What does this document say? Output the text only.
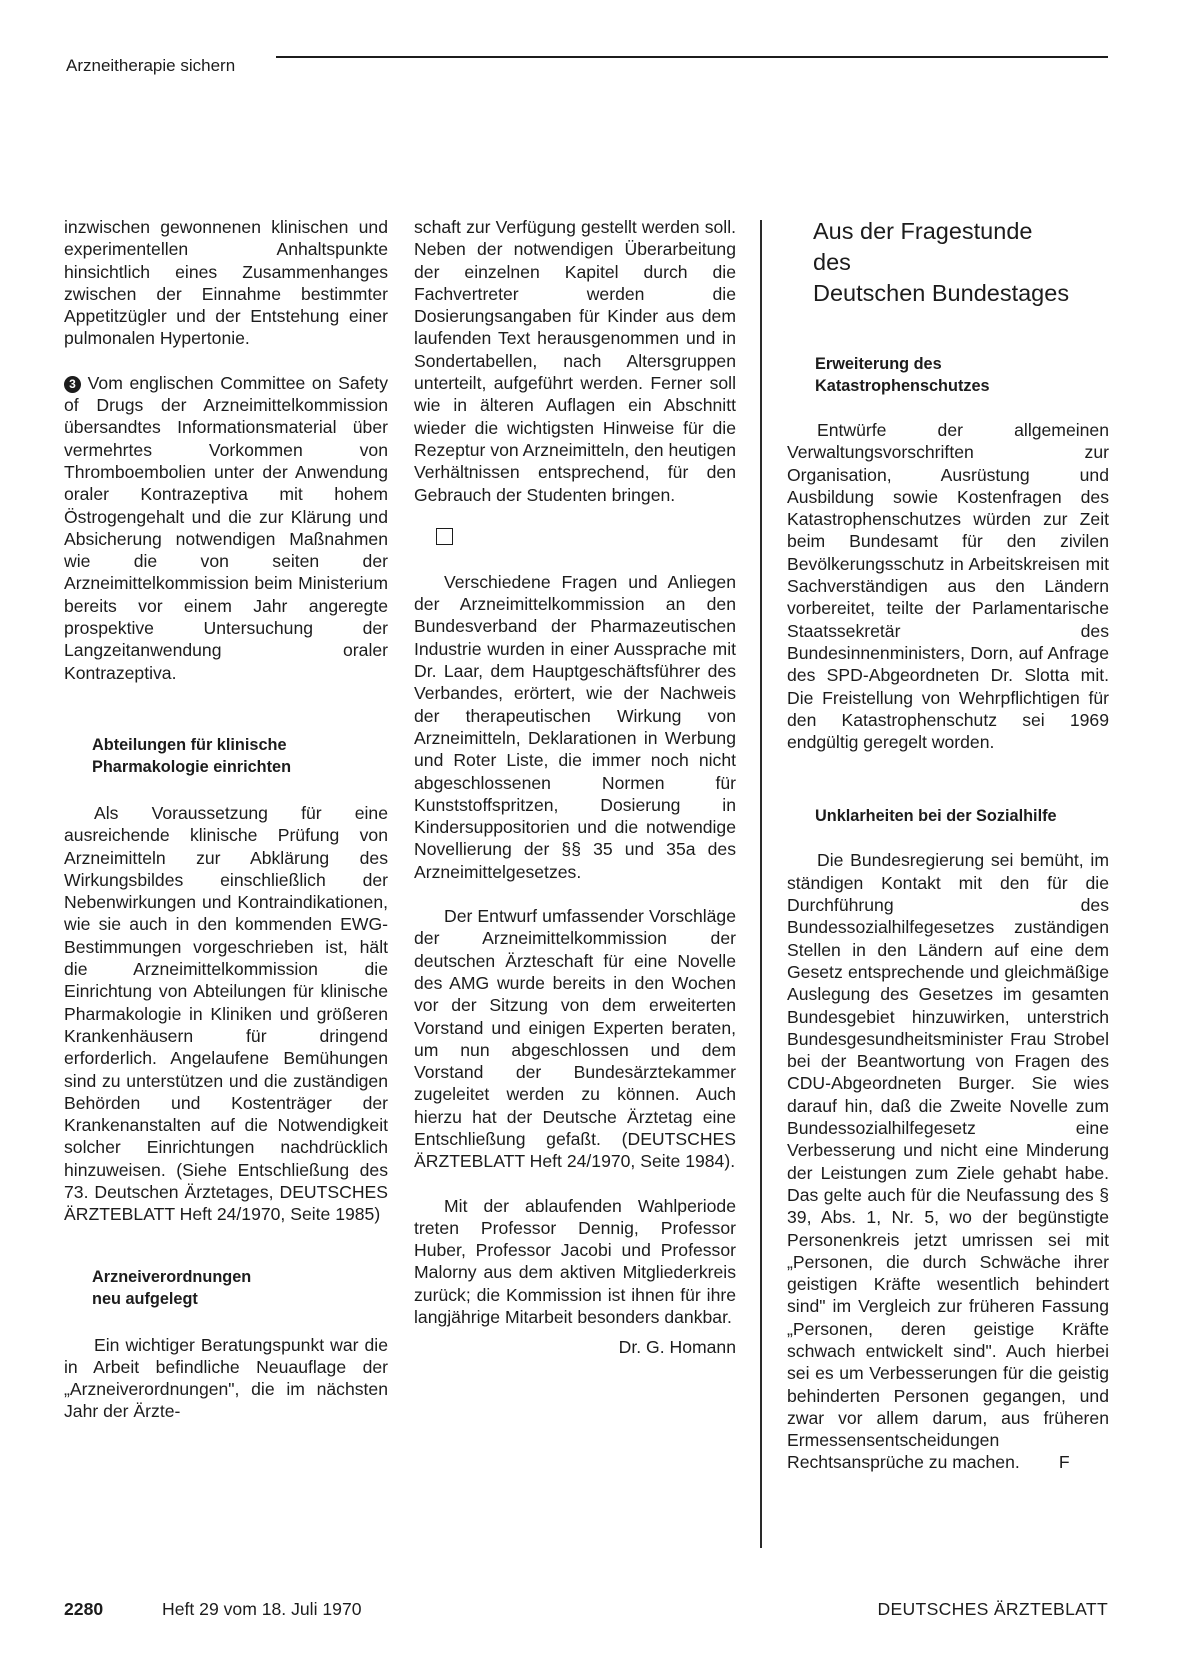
Arzneitherapie sichern

inzwischen gewonnenen klinischen und experimentellen Anhaltspunkte hinsichtlich eines Zusammenhanges zwischen der Einnahme bestimmter Appetitzügler und der Entstehung einer pulmonalen Hypertonie.

3 Vom englischen Committee on Safety of Drugs der Arzneimittelkommission übersandtes Informationsmaterial über vermehrtes Vorkommen von Thromboembolien unter der Anwendung oraler Kontrazeptiva mit hohem Östrogengehalt und die zur Klärung und Absicherung notwendigen Maßnahmen wie die von seiten der Arzneimittelkommission beim Ministerium bereits vor einem Jahr angeregte prospektive Untersuchung der Langzeitanwendung oraler Kontrazeptiva.

Abteilungen für klinische
Pharmakologie einrichten

Als Voraussetzung für eine ausreichende klinische Prüfung von Arzneimitteln zur Abklärung des Wirkungsbildes einschließlich der Nebenwirkungen und Kontraindikationen, wie sie auch in den kommenden EWG-Bestimmungen vorgeschrieben ist, hält die Arzneimittelkommission die Einrichtung von Abteilungen für klinische Pharmakologie in Kliniken und größeren Krankenhäusern für dringend erforderlich. Angelaufene Bemühungen sind zu unterstützen und die zuständigen Behörden und Kostenträger der Krankenanstalten auf die Notwendigkeit solcher Einrichtungen nachdrücklich hinzuweisen. (Siehe Entschließung des 73. Deutschen Ärztetages, DEUTSCHES ÄRZTEBLATT Heft 24/1970, Seite 1985)

Arzneiverordnungen
neu aufgelegt

Ein wichtiger Beratungspunkt war die in Arbeit befindliche Neuauflage der „Arzneiverordnungen", die im nächsten Jahr der Ärzte-

schaft zur Verfügung gestellt werden soll. Neben der notwendigen Überarbeitung der einzelnen Kapitel durch die Fachvertreter werden die Dosierungsangaben für Kinder aus dem laufenden Text herausgenommen und in Sondertabellen, nach Altersgruppen unterteilt, aufgeführt werden. Ferner soll wie in älteren Auflagen ein Abschnitt wieder die wichtigsten Hinweise für die Rezeptur von Arzneimitteln, den heutigen Verhältnissen entsprechend, für den Gebrauch der Studenten bringen.

Verschiedene Fragen und Anliegen der Arzneimittelkommission an den Bundesverband der Pharmazeutischen Industrie wurden in einer Aussprache mit Dr. Laar, dem Hauptgeschäftsführer des Verbandes, erörtert, wie der Nachweis der therapeutischen Wirkung von Arzneimitteln, Deklarationen in Werbung und Roter Liste, die immer noch nicht abgeschlossenen Normen für Kunststoffspritzen, Dosierung in Kindersuppositorien und die notwendige Novellierung der §§ 35 und 35a des Arzneimittelgesetzes.

Der Entwurf umfassender Vorschläge der Arzneimittelkommission der deutschen Ärzteschaft für eine Novelle des AMG wurde bereits in den Wochen vor der Sitzung von dem erweiterten Vorstand und einigen Experten beraten, um nun abgeschlossen und dem Vorstand der Bundesärztekammer zugeleitet werden zu können. Auch hierzu hat der Deutsche Ärztetag eine Entschließung gefaßt. (DEUTSCHES ÄRZTEBLATT Heft 24/1970, Seite 1984).

Mit der ablaufenden Wahlperiode treten Professor Dennig, Professor Huber, Professor Jacobi und Professor Malorny aus dem aktiven Mitgliederkreis zurück; die Kommission ist ihnen für ihre langjährige Mitarbeit besonders dankbar.

Dr. G. Homann

Aus der Fragestunde
des
Deutschen Bundestages

Erweiterung des
Katastrophenschutzes

Entwürfe der allgemeinen Verwaltungsvorschriften zur Organisation, Ausrüstung und Ausbildung sowie Kostenfragen des Katastrophenschutzes würden zur Zeit beim Bundesamt für den zivilen Bevölkerungsschutz in Arbeitskreisen mit Sachverständigen aus den Ländern vorbereitet, teilte der Parlamentarische Staatssekretär des Bundesinnenministers, Dorn, auf Anfrage des SPD-Abgeordneten Dr. Slotta mit. Die Freistellung von Wehrpflichtigen für den Katastrophenschutz sei 1969 endgültig geregelt worden.

Unklarheiten bei der Sozialhilfe

Die Bundesregierung sei bemüht, im ständigen Kontakt mit den für die Durchführung des Bundessozialhilfegesetzes zuständigen Stellen in den Ländern auf eine dem Gesetz entsprechende und gleichmäßige Auslegung des Gesetzes im gesamten Bundesgebiet hinzuwirken, unterstrich Bundesgesundheitsminister Frau Strobel bei der Beantwortung von Fragen des CDU-Abgeordneten Burger. Sie wies darauf hin, daß die Zweite Novelle zum Bundessozialhilfegesetz eine Verbesserung und nicht eine Minderung der Leistungen zum Ziele gehabt habe. Das gelte auch für die Neufassung des § 39, Abs. 1, Nr. 5, wo der begünstigte Personenkreis jetzt umrissen sei mit „Personen, die durch Schwäche ihrer geistigen Kräfte wesentlich behindert sind" im Vergleich zur früheren Fassung „Personen, deren geistige Kräfte schwach entwickelt sind". Auch hierbei sei es um Verbesserungen für die geistig behinderten Personen gegangen, und zwar vor allem darum, aus früheren Ermessensentscheidungen Rechtsansprüche zu machen. F

2280	Heft 29 vom 18. Juli 1970	DEUTSCHES ÄRZTEBLATT
